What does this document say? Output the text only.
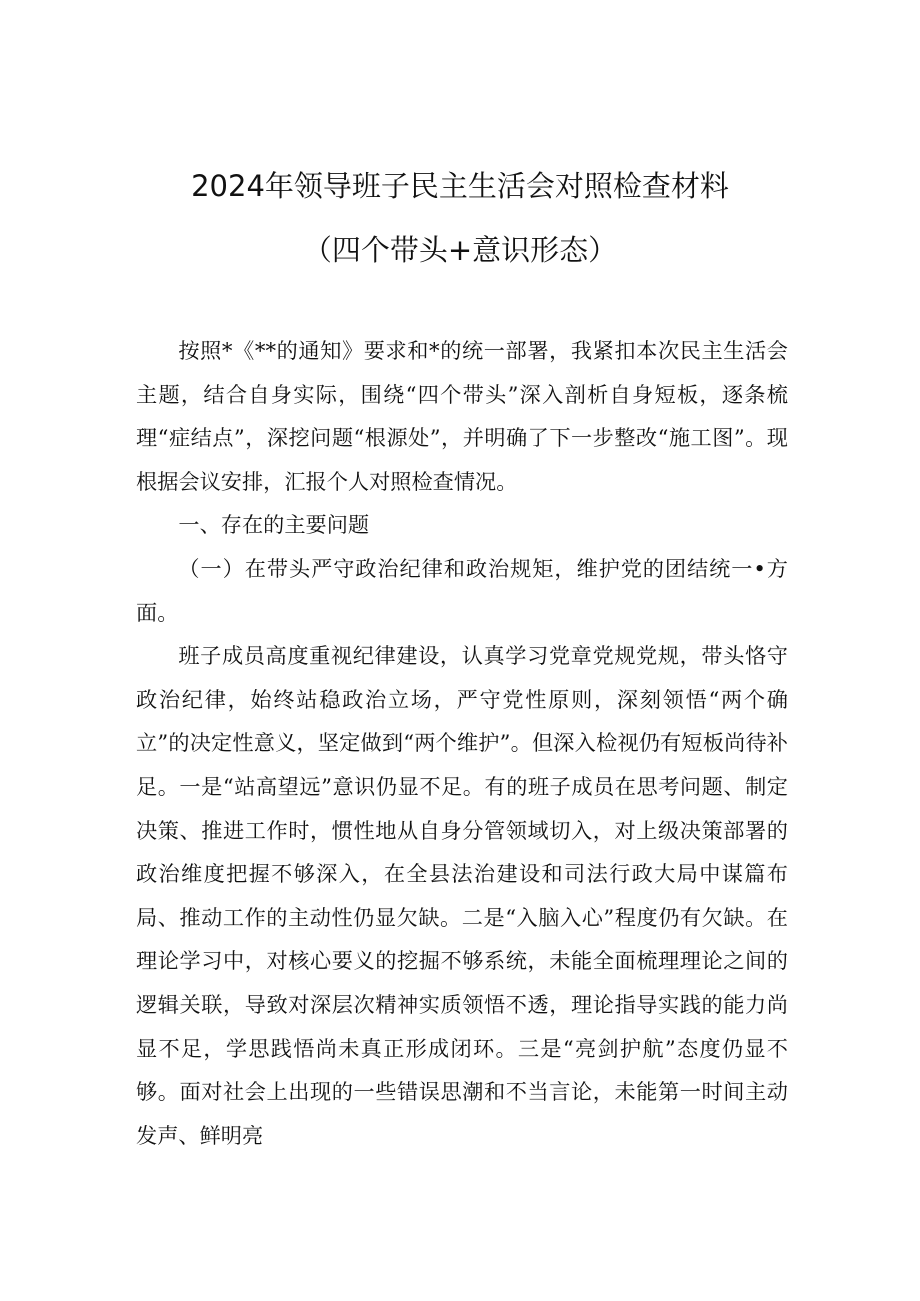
2024年领导班子民主生活会对照检查材料
（四个带头+意识形态）

按照*《**的通知》要求和*的统一部署，我紧扣本次民主生活会主题，结合自身实际，围绕“四个带头”深入剖析自身短板，逐条梳理“症结点”，深挖问题“根源处”，并明确了下一步整改“施工图”。现根据会议安排，汇报个人对照检查情况。

一、存在的主要问题

（一）在带头严守政治纪律和政治规矩，维护党的团结统一•方面。

班子成员高度重视纪律建设，认真学习党章党规党规，带头恪守政治纪律，始终站稳政治立场，严守党性原则，深刻领悟“两个确立”的决定性意义，坚定做到“两个维护”。但深入检视仍有短板尚待补足。一是“站高望远”意识仍显不足。有的班子成员在思考问题、制定决策、推进工作时，惯性地从自身分管领域切入，对上级决策部署的政治维度把握不够深入，在全县法治建设和司法行政大局中谋篇布局、推动工作的主动性仍显欠缺。二是“入脑入心”程度仍有欠缺。在理论学习中，对核心要义的挖掘不够系统，未能全面梳理理论之间的逻辑关联，导致对深层次精神实质领悟不透，理论指导实践的能力尚显不足，学思践悟尚未真正形成闭环。三是“亮剑护航”态度仍显不够。面对社会上出现的一些错误思潮和不当言论，未能第一时间主动发声、鲜明亮
